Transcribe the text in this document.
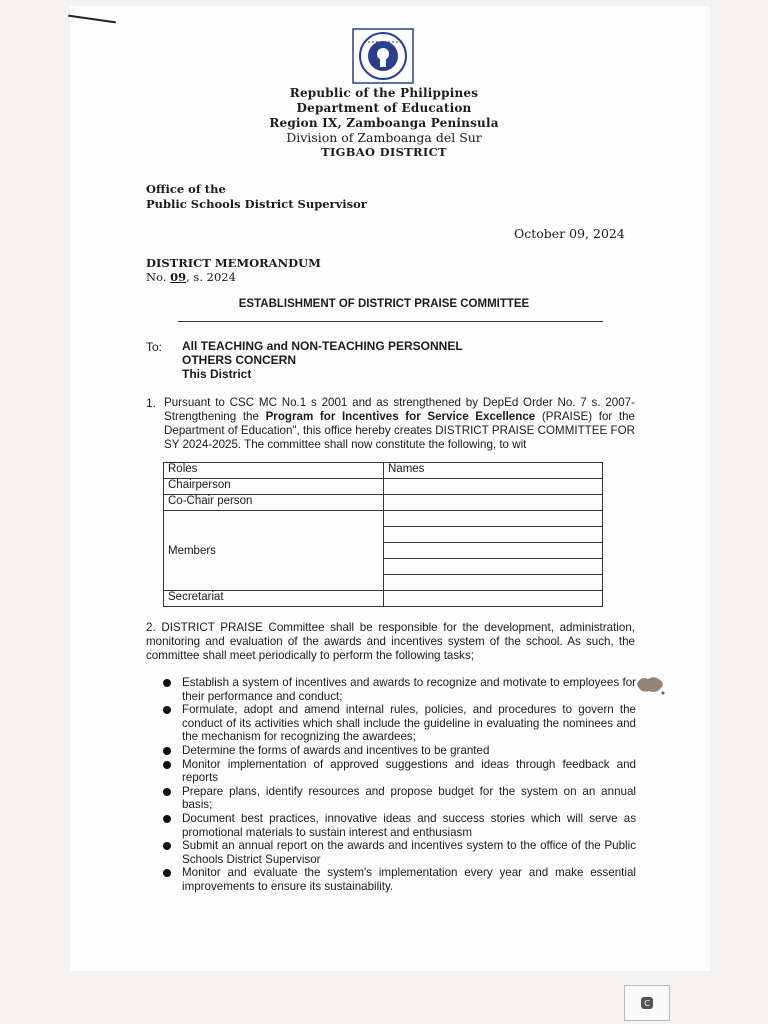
Republic of the Philippines
Department of Education
Region IX, Zamboanga Peninsula
Division of Zamboanga del Sur
TIGBAO DISTRICT
Office of the
Public Schools District Supervisor
October 09, 2024
DISTRICT MEMORANDUM
No. 09, s. 2024
ESTABLISHMENT OF DISTRICT PRAISE COMMITTEE
To: All TEACHING and NON-TEACHING PERSONNEL
OTHERS CONCERN
This District
1. Pursuant to CSC MC No.1 s 2001 and as strengthened by DepEd Order No. 7 s. 2007- Strengthening the Program for Incentives for Service Excellence (PRAISE) for the Department of Education", this office hereby creates DISTRICT PRAISE COMMITTEE FOR SY 2024-2025. The committee shall now constitute the following, to wit
Roles	Names
Chairperson	
Co-Chair person	
Members	

Secretariat	
2. DISTRICT PRAISE Committee shall be responsible for the development, administration, monitoring and evaluation of the awards and incentives system of the school. As such, the committee shall meet periodically to perform the following tasks;
Establish a system of incentives and awards to recognize and motivate to employees for their performance and conduct;
Formulate, adopt and amend internal rules, policies, and procedures to govern the conduct of its activities which shall include the guideline in evaluating the nominees and the mechanism for recognizing the awardees;
Determine the forms of awards and incentives to be granted
Monitor implementation of approved suggestions and ideas through feedback and reports
Prepare plans, identify resources and propose budget for the system on an annual basis;
Document best practices, innovative ideas and success stories which will serve as promotional materials to sustain interest and enthusiasm
Submit an annual report on the awards and incentives system to the office of the Public Schools District Supervisor
Monitor and evaluate the system's implementation every year and make essential improvements to ensure its sustainability.
C
